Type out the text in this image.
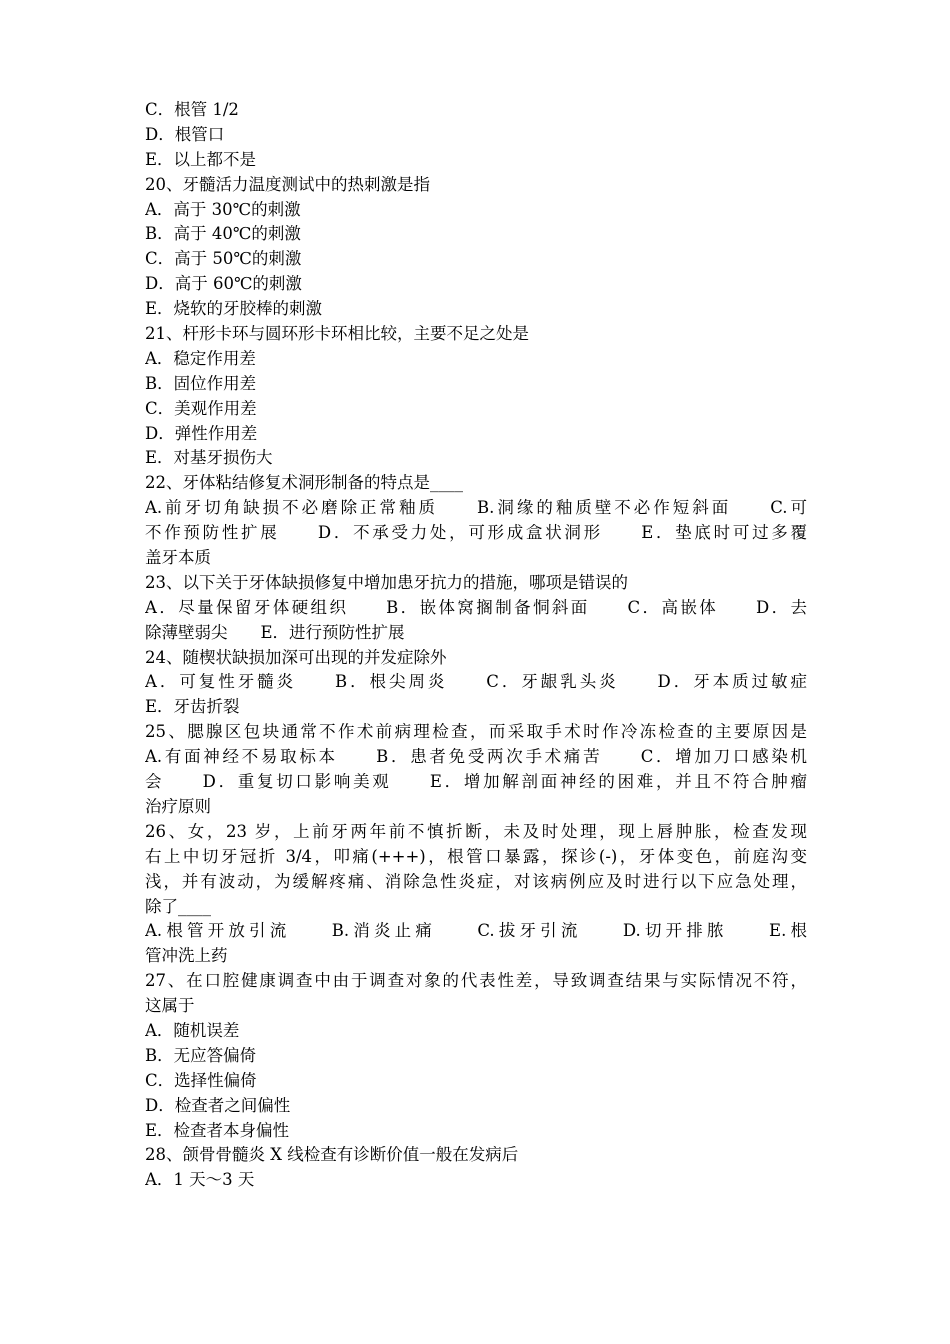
C．根管 1/2
D．根管口
E．以上都不是
20、牙髓活力温度测试中的热刺激是指
A．高于 30℃的刺激
B．高于 40℃的刺激
C．高于 50℃的刺激
D．高于 60℃的刺激
E．烧软的牙胶棒的刺激
21、杆形卡环与圆环形卡环相比较，主要不足之处是
A．稳定作用差
B．固位作用差
C．美观作用差
D．弹性作用差
E．对基牙损伤大
22、牙体粘结修复术洞形制备的特点是____
A.前牙切角缺损不必磨除正常釉质　　B.洞缘的釉质壁不必作短斜面　　C.可
不作预防性扩展　　D．不承受力处，可形成盒状洞形　　E．垫底时可过多覆
盖牙本质
23、以下关于牙体缺损修复中增加患牙抗力的措施，哪项是错误的
A．尽量保留牙体硬组织　　B．嵌体窝搁制备恫斜面　　C．高嵌体　　D．去
除薄壁弱尖　　E．进行预防性扩展
24、随楔状缺损加深可出现的并发症除外
A．可复性牙髓炎　　B．根尖周炎　　C．牙龈乳头炎　　D．牙本质过敏症
E．牙齿折裂
25、腮腺区包块通常不作术前病理检查，而采取手术时作冷冻检查的主要原因是
A.有面神经不易取标本　　B．患者免受两次手术痛苦　　C．增加刀口感染机
会　　D．重复切口影响美观　　E．增加解剖面神经的困难，并且不符合肿瘤
治疗原则
26、女，23 岁，上前牙两年前不慎折断，未及时处理，现上唇肿胀，检查发现
右上中切牙冠折 3/4，叩痛(+++)，根管口暴露，探诊(-)，牙体变色，前庭沟变
浅，并有波动，为缓解疼痛、消除急性炎症，对该病例应及时进行以下应急处理，
除了____
A.根管开放引流　　B.消炎止痛　　C.拔牙引流　　D.切开排脓　　E.根
管冲洗上药
27、在口腔健康调查中由于调查对象的代表性差，导致调查结果与实际情况不符，
这属于
A．随机误差
B．无应答偏倚
C．选择性偏倚
D．检查者之间偏性
E．检查者本身偏性
28、颌骨骨髓炎 X 线检查有诊断价值一般在发病后
A．1 天～3 天
